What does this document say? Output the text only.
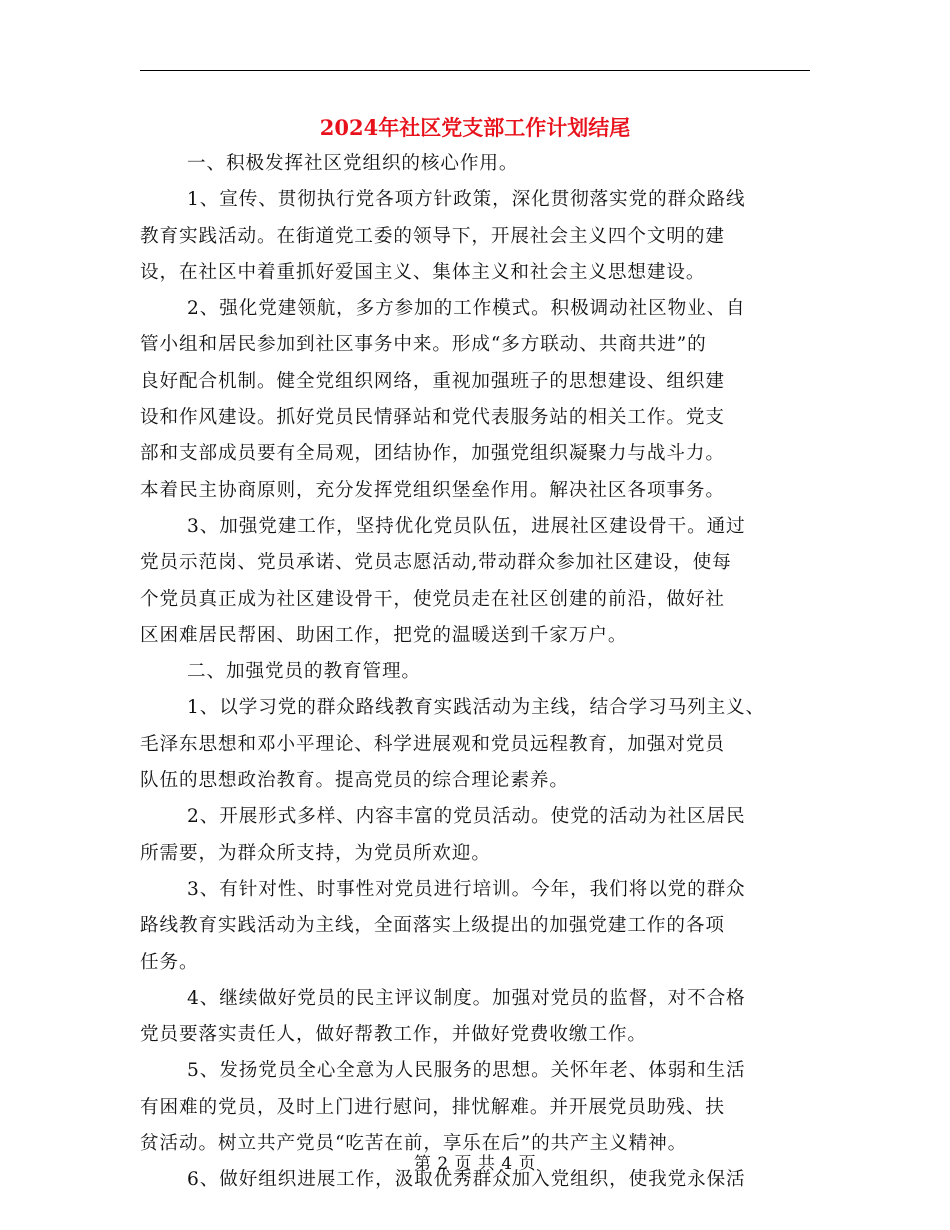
2024年社区党支部工作计划结尾
一、积极发挥社区党组织的核心作用。
1、宣传、贯彻执行党各项方针政策，深化贯彻落实党的群众路线
教育实践活动。在街道党工委的领导下，开展社会主义四个文明的建
设，在社区中着重抓好爱国主义、集体主义和社会主义思想建设。
2、强化党建领航，多方参加的工作模式。积极调动社区物业、自
管小组和居民参加到社区事务中来。形成“多方联动、共商共进”的
良好配合机制。健全党组织网络，重视加强班子的思想建设、组织建
设和作风建设。抓好党员民情驿站和党代表服务站的相关工作。党支
部和支部成员要有全局观，团结协作，加强党组织凝聚力与战斗力。
本着民主协商原则，充分发挥党组织堡垒作用。解决社区各项事务。
3、加强党建工作，坚持优化党员队伍，进展社区建设骨干。通过
党员示范岗、党员承诺、党员志愿活动,带动群众参加社区建设，使每
个党员真正成为社区建设骨干，使党员走在社区创建的前沿，做好社
区困难居民帮困、助困工作，把党的温暖送到千家万户。
二、加强党员的教育管理。
1、以学习党的群众路线教育实践活动为主线，结合学习马列主义、
毛泽东思想和邓小平理论、科学进展观和党员远程教育，加强对党员
队伍的思想政治教育。提高党员的综合理论素养。
2、开展形式多样、内容丰富的党员活动。使党的活动为社区居民
所需要，为群众所支持，为党员所欢迎。
3、有针对性、时事性对党员进行培训。今年，我们将以党的群众
路线教育实践活动为主线，全面落实上级提出的加强党建工作的各项
任务。
4、继续做好党员的民主评议制度。加强对党员的监督，对不合格
党员要落实责任人，做好帮教工作，并做好党费收缴工作。
5、发扬党员全心全意为人民服务的思想。关怀年老、体弱和生活
有困难的党员，及时上门进行慰问，排忧解难。并开展党员助残、扶
贫活动。树立共产党员“吃苦在前，享乐在后”的共产主义精神。
6、做好组织进展工作，汲取优秀群众加入党组织，使我党永保活
第 2 页 共 4 页
